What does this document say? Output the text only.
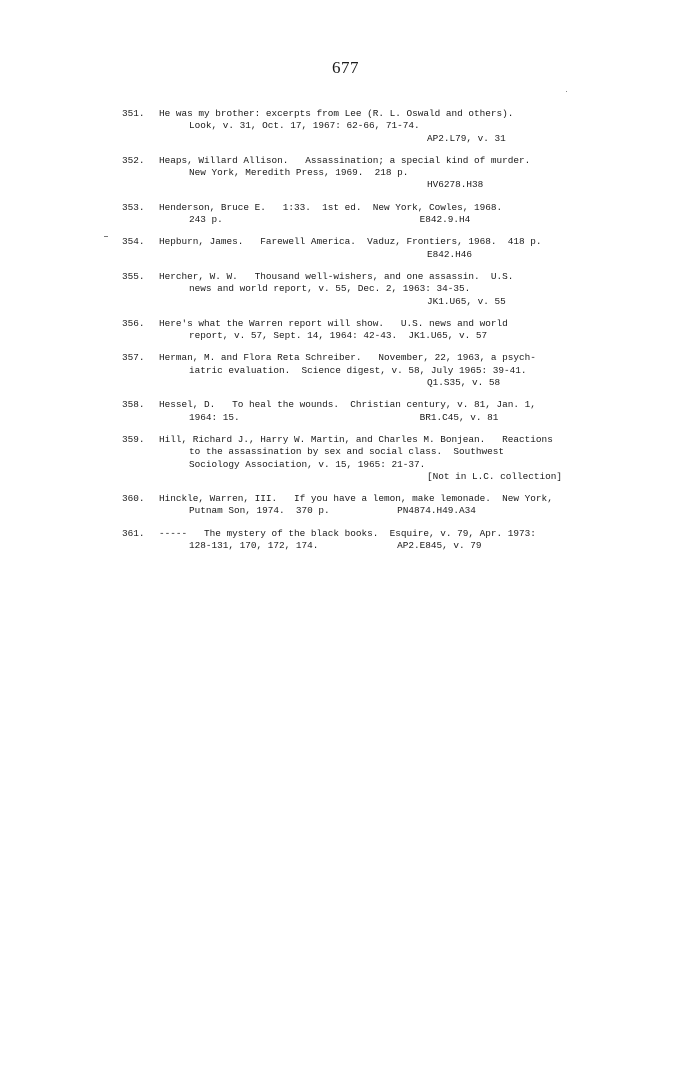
677
351. He was my brother: excerpts from Lee (R. L. Oswald and others).
Look, v. 31, Oct. 17, 1967: 62-66, 71-74.
AP2.L79, v. 31
352. Heaps, Willard Allison.   Assassination; a special kind of murder.
New York, Meredith Press, 1969.  218 p.
HV6278.H38
353. Henderson, Bruce E.   1:33.  1st ed.  New York, Cowles, 1968.
243 p.                                   E842.9.H4
354. Hepburn, James.   Farewell America.  Vaduz, Frontiers, 1968.  418 p.
E842.H46
355. Hercher, W. W.   Thousand well-wishers, and one assassin.  U.S.
news and world report, v. 55, Dec. 2, 1963: 34-35.
JK1.U65, v. 55
356. Here's what the Warren report will show.   U.S. news and world
report, v. 57, Sept. 14, 1964: 42-43.  JK1.U65, v. 57
357. Herman, M. and Flora Reta Schreiber.   November, 22, 1963, a psych-
iatric evaluation.  Science digest, v. 58, July 1965: 39-41.
Q1.S35, v. 58
358. Hessel, D.   To heal the wounds.  Christian century, v. 81, Jan. 1,
1964: 15.                                BR1.C45, v. 81
359. Hill, Richard J., Harry W. Martin, and Charles M. Bonjean.   Reactions
to the assassination by sex and social class.  Southwest
Sociology Association, v. 15, 1965: 21-37.
[Not in L.C. collection]
360. Hinckle, Warren, III.   If you have a lemon, make lemonade.  New York,
Putnam Son, 1974.  370 p.            PN4874.H49.A34
361. -----   The mystery of the black books.  Esquire, v. 79, Apr. 1973:
128-131, 170, 172, 174.              AP2.E845, v. 79
